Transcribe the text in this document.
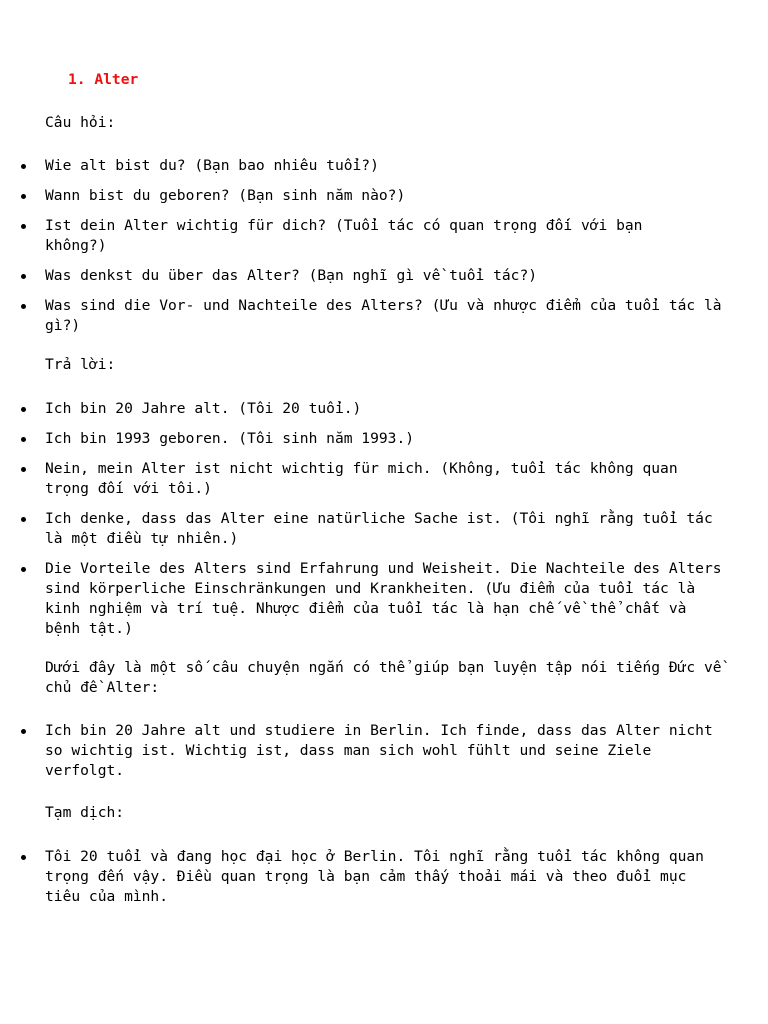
1. Alter

Câu hỏi:

Wie alt bist du? (Bạn bao nhiêu tuổi?)
Wann bist du geboren? (Bạn sinh năm nào?)
Ist dein Alter wichtig für dich? (Tuổi tác có quan trọng đối với bạn không?)
Was denkst du über das Alter? (Bạn nghĩ gì về tuổi tác?)
Was sind die Vor- und Nachteile des Alters? (Ưu và nhược điểm của tuổi tác là gì?)

Trả lời:

Ich bin 20 Jahre alt. (Tôi 20 tuổi.)
Ich bin 1993 geboren. (Tôi sinh năm 1993.)
Nein, mein Alter ist nicht wichtig für mich. (Không, tuổi tác không quan trọng đối với tôi.)
Ich denke, dass das Alter eine natürliche Sache ist. (Tôi nghĩ rằng tuổi tác là một điều tự nhiên.)
Die Vorteile des Alters sind Erfahrung und Weisheit. Die Nachteile des Alters sind körperliche Einschränkungen und Krankheiten. (Ưu điểm của tuổi tác là kinh nghiệm và trí tuệ. Nhược điểm của tuổi tác là hạn chế về thể chất và bệnh tật.)

Dưới đây là một số câu chuyện ngắn có thể giúp bạn luyện tập nói tiếng Đức về chủ đề Alter:

Ich bin 20 Jahre alt und studiere in Berlin. Ich finde, dass das Alter nicht so wichtig ist. Wichtig ist, dass man sich wohl fühlt und seine Ziele verfolgt.

Tạm dịch:

Tôi 20 tuổi và đang học đại học ở Berlin. Tôi nghĩ rằng tuổi tác không quan trọng đến vậy. Điều quan trọng là bạn cảm thấy thoải mái và theo đuổi mục tiêu của mình.
